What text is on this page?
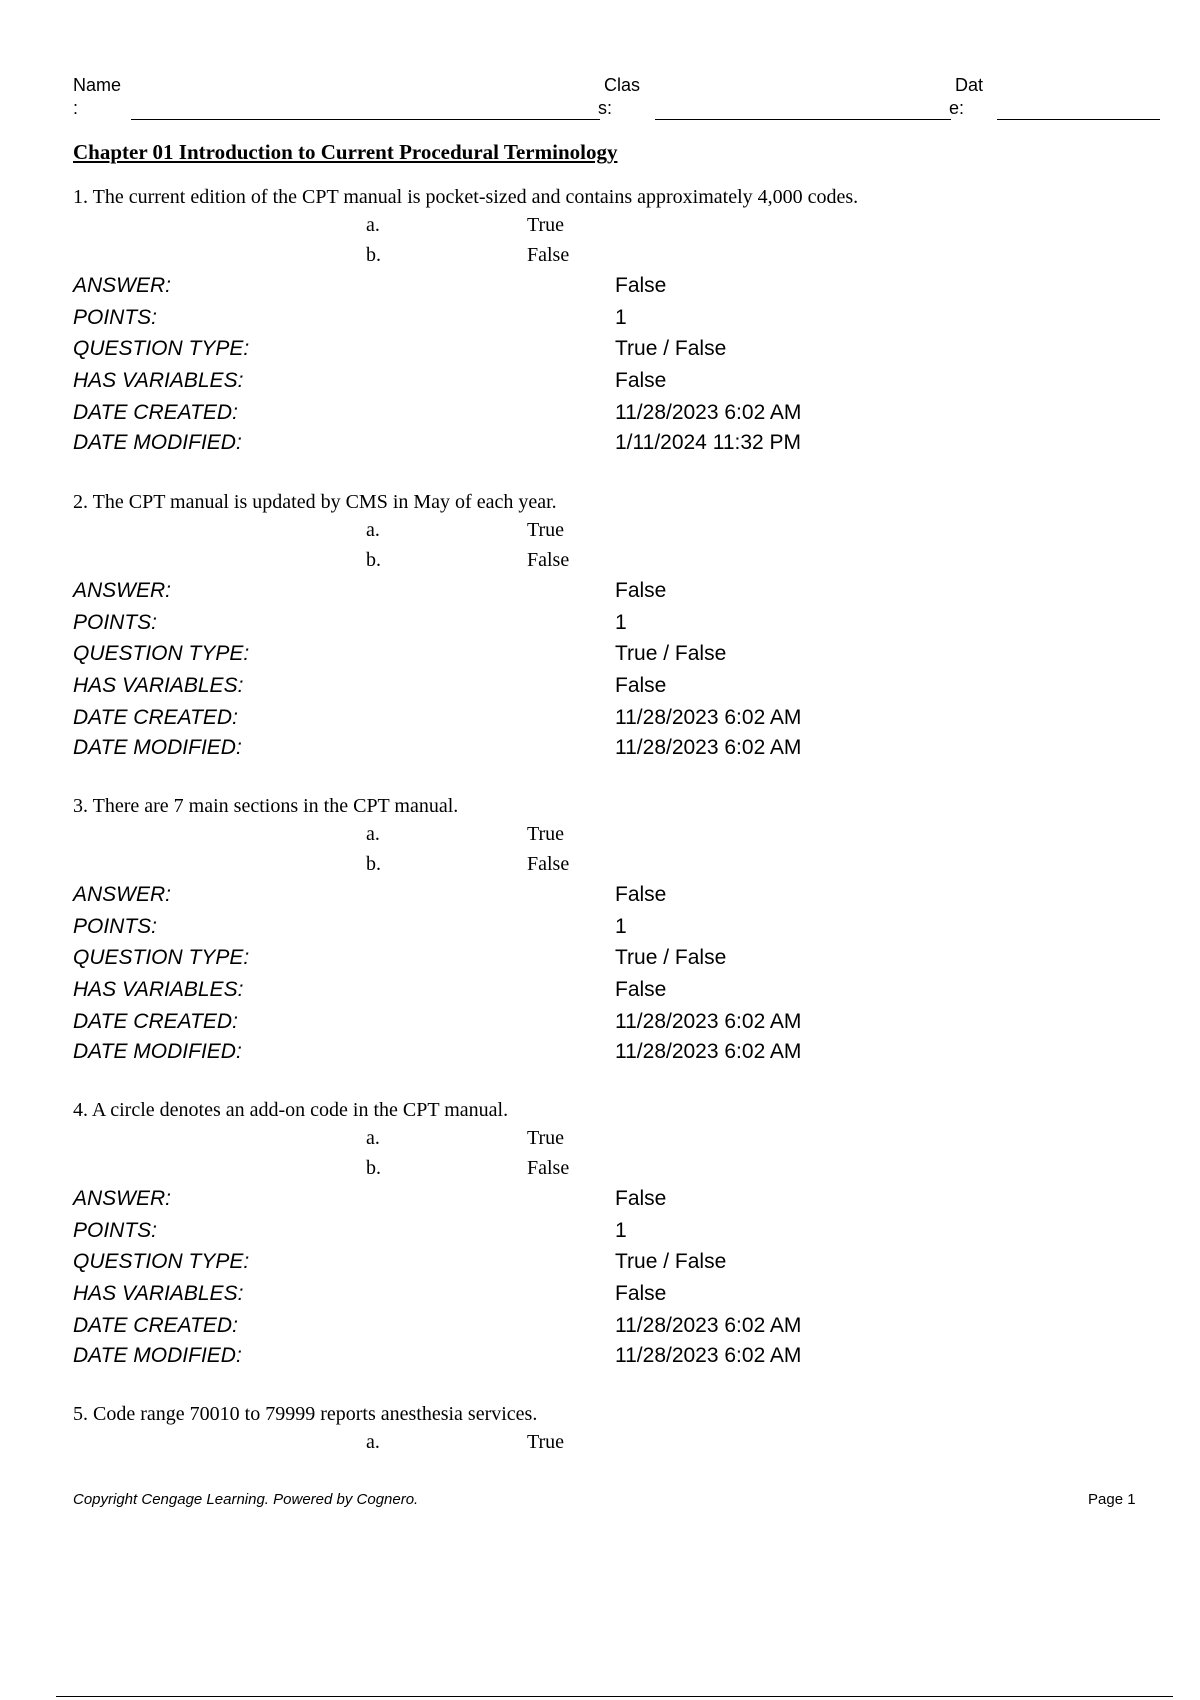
Name
:
Clas
s:
Dat
e:
Chapter 01 Introduction to Current Procedural Terminology
1. The current edition of the CPT manual is pocket-sized and contains approximately 4,000 codes.
a.	True
b.	False
ANSWER:	False
POINTS:	1
QUESTION TYPE:	True / False
HAS VARIABLES:	False
DATE CREATED:	11/28/2023 6:02 AM
DATE MODIFIED:	1/11/2024 11:32 PM
2. The CPT manual is updated by CMS in May of each year.
a.	True
b.	False
ANSWER:	False
POINTS:	1
QUESTION TYPE:	True / False
HAS VARIABLES:	False
DATE CREATED:	11/28/2023 6:02 AM
DATE MODIFIED:	11/28/2023 6:02 AM
3. There are 7 main sections in the CPT manual.
a.	True
b.	False
ANSWER:	False
POINTS:	1
QUESTION TYPE:	True / False
HAS VARIABLES:	False
DATE CREATED:	11/28/2023 6:02 AM
DATE MODIFIED:	11/28/2023 6:02 AM
4. A circle denotes an add-on code in the CPT manual.
a.	True
b.	False
ANSWER:	False
POINTS:	1
QUESTION TYPE:	True / False
HAS VARIABLES:	False
DATE CREATED:	11/28/2023 6:02 AM
DATE MODIFIED:	11/28/2023 6:02 AM
5. Code range 70010 to 79999 reports anesthesia services.
a.	True
Copyright Cengage Learning. Powered by Cognero.	Page 1
